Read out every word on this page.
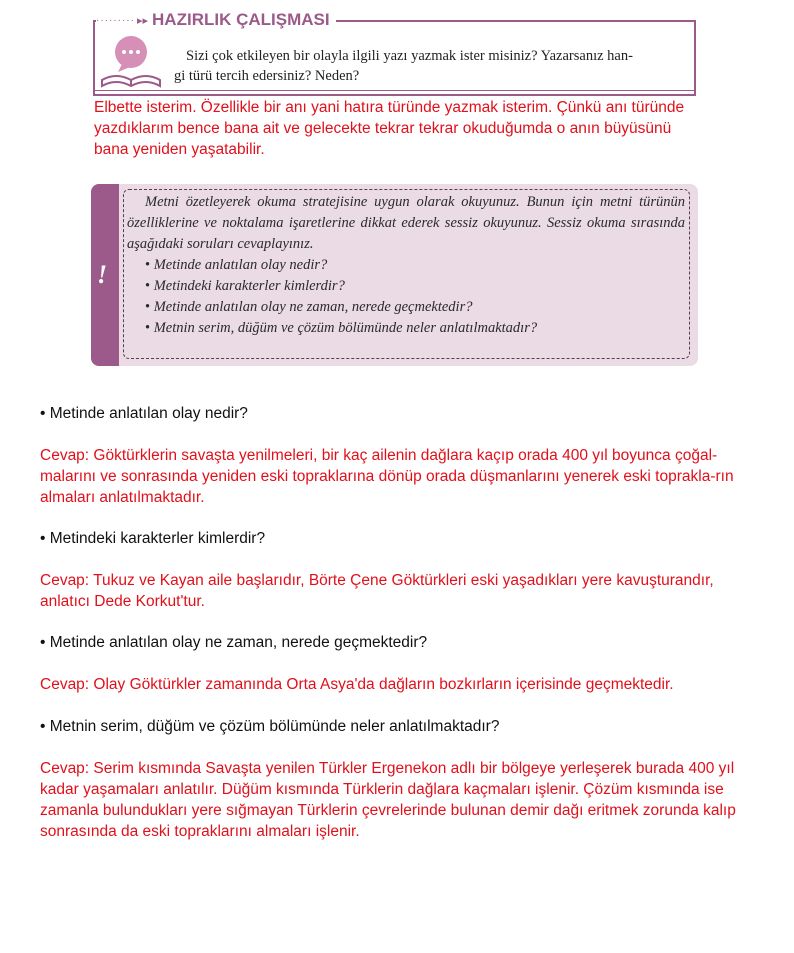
········· ▸▸ HAZIRLIK ÇALIŞMASI
Sizi çok etkileyen bir olayla ilgili yazı yazmak ister misiniz? Yazarsanız han-
gi türü tercih edersiniz? Neden?
Elbette isterim. Özellikle bir anı yani hatıra türünde yazmak isterim. Çünkü anı türünde yazdıklarım bence bana ait ve gelecekte tekrar tekrar okuduğumda o anın büyüsünü bana yeniden yaşatabilir.
!
Metni özetleyerek okuma stratejisine uygun olarak okuyunuz. Bunun için metni türünün özelliklerine ve noktalama işaretlerine dikkat ederek sessiz okuyunuz. Sessiz okuma sırasında aşağıdaki soruları cevaplayınız.
• Metinde anlatılan olay nedir?
• Metindeki karakterler kimlerdir?
• Metinde anlatılan olay ne zaman, nerede geçmektedir?
• Metnin serim, düğüm ve çözüm bölümünde neler anlatılmaktadır?
• Metinde anlatılan olay nedir?
Cevap: Göktürklerin savaşta yenilmeleri, bir kaç ailenin dağlara kaçıp orada 400 yıl boyunca çoğal-malarını ve sonrasında yeniden eski topraklarına dönüp orada düşmanlarını yenerek eski toprakla-rın almaları anlatılmaktadır.
• Metindeki karakterler kimlerdir?
Cevap: Tukuz ve Kayan aile başlarıdır, Börte Çene Göktürkleri eski yaşadıkları yere kavuşturandır, anlatıcı Dede Korkut'tur.
• Metinde anlatılan olay ne zaman, nerede geçmektedir?
Cevap: Olay Göktürkler zamanında Orta Asya'da dağların bozkırların içerisinde geçmektedir.
• Metnin serim, düğüm ve çözüm bölümünde neler anlatılmaktadır?
Cevap: Serim kısmında Savaşta yenilen Türkler Ergenekon adlı bir bölgeye yerleşerek burada 400 yıl kadar yaşamaları anlatılır. Düğüm kısmında Türklerin dağlara kaçmaları işlenir. Çözüm kısmında ise zamanla bulundukları yere sığmayan Türklerin çevrelerinde bulunan demir dağı eritmek zorunda kalıp sonrasında da eski topraklarını almaları işlenir.
